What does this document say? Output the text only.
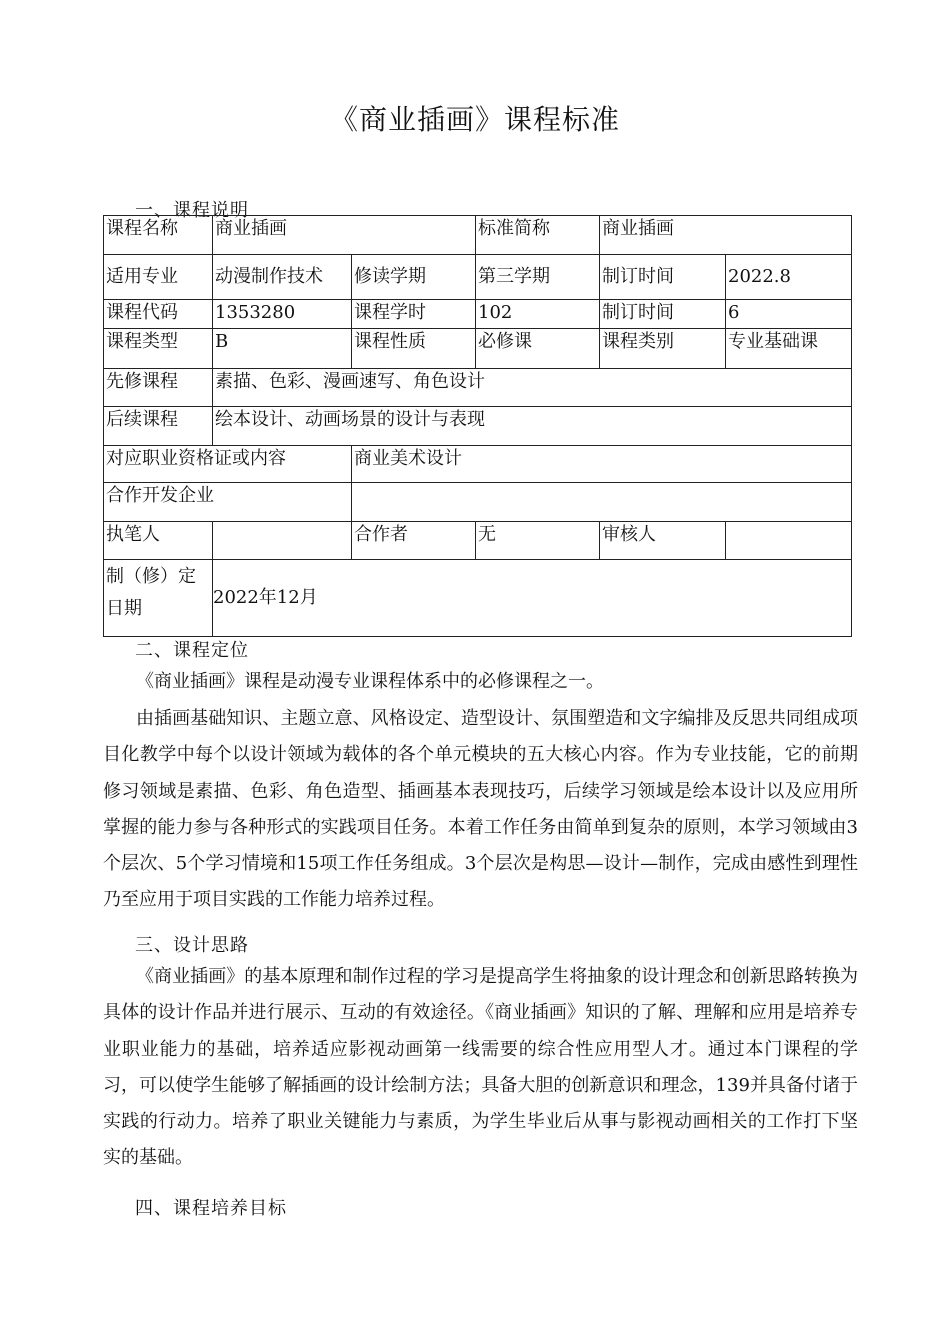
《商业插画》课程标准
一、课程说明
课程名称	商业插画		标准简称	商业插画	
适用专业	动漫制作技术	修读学期	第三学期	制订时间	2022.8
课程代码	1353280	课程学时	102	制订时间	6
课程类型	B	课程性质	必修课	课程类别	专业基础课
先修课程	素描、色彩、漫画速写、角色设计				
后续课程	绘本设计、动画场景的设计与表现				
对应职业资格证或内容		商业美术设计			
合作开发企业					
执笔人		合作者	无	审核人	
制（修）定日期	2022年12月				
二、课程定位

《商业插画》课程是动漫专业课程体系中的必修课程之一。

由插画基础知识、主题立意、风格设定、造型设计、氛围塑造和文字编排及反思共同组成项目化教学中每个以设计领域为载体的各个单元模块的五大核心内容。作为专业技能，它的前期修习领域是素描、色彩、角色造型、插画基本表现技巧，后续学习领域是绘本设计以及应用所掌握的能力参与各种形式的实践项目任务。本着工作任务由简单到复杂的原则，本学习领域由3个层次、5个学习情境和15项工作任务组成。3个层次是构思—设计—制作，完成由感性到理性乃至应用于项目实践的工作能力培养过程。

三、设计思路

《商业插画》的基本原理和制作过程的学习是提高学生将抽象的设计理念和创新思路转换为具体的设计作品并进行展示、互动的有效途径。《商业插画》知识的了解、理解和应用是培养专业职业能力的基础，培养适应影视动画第一线需要的综合性应用型人才。通过本门课程的学习，可以使学生能够了解插画的设计绘制方法；具备大胆的创新意识和理念，139并具备付诸于实践的行动力。培养了职业关键能力与素质，为学生毕业后从事与影视动画相关的工作打下坚实的基础。

四、课程培养目标
